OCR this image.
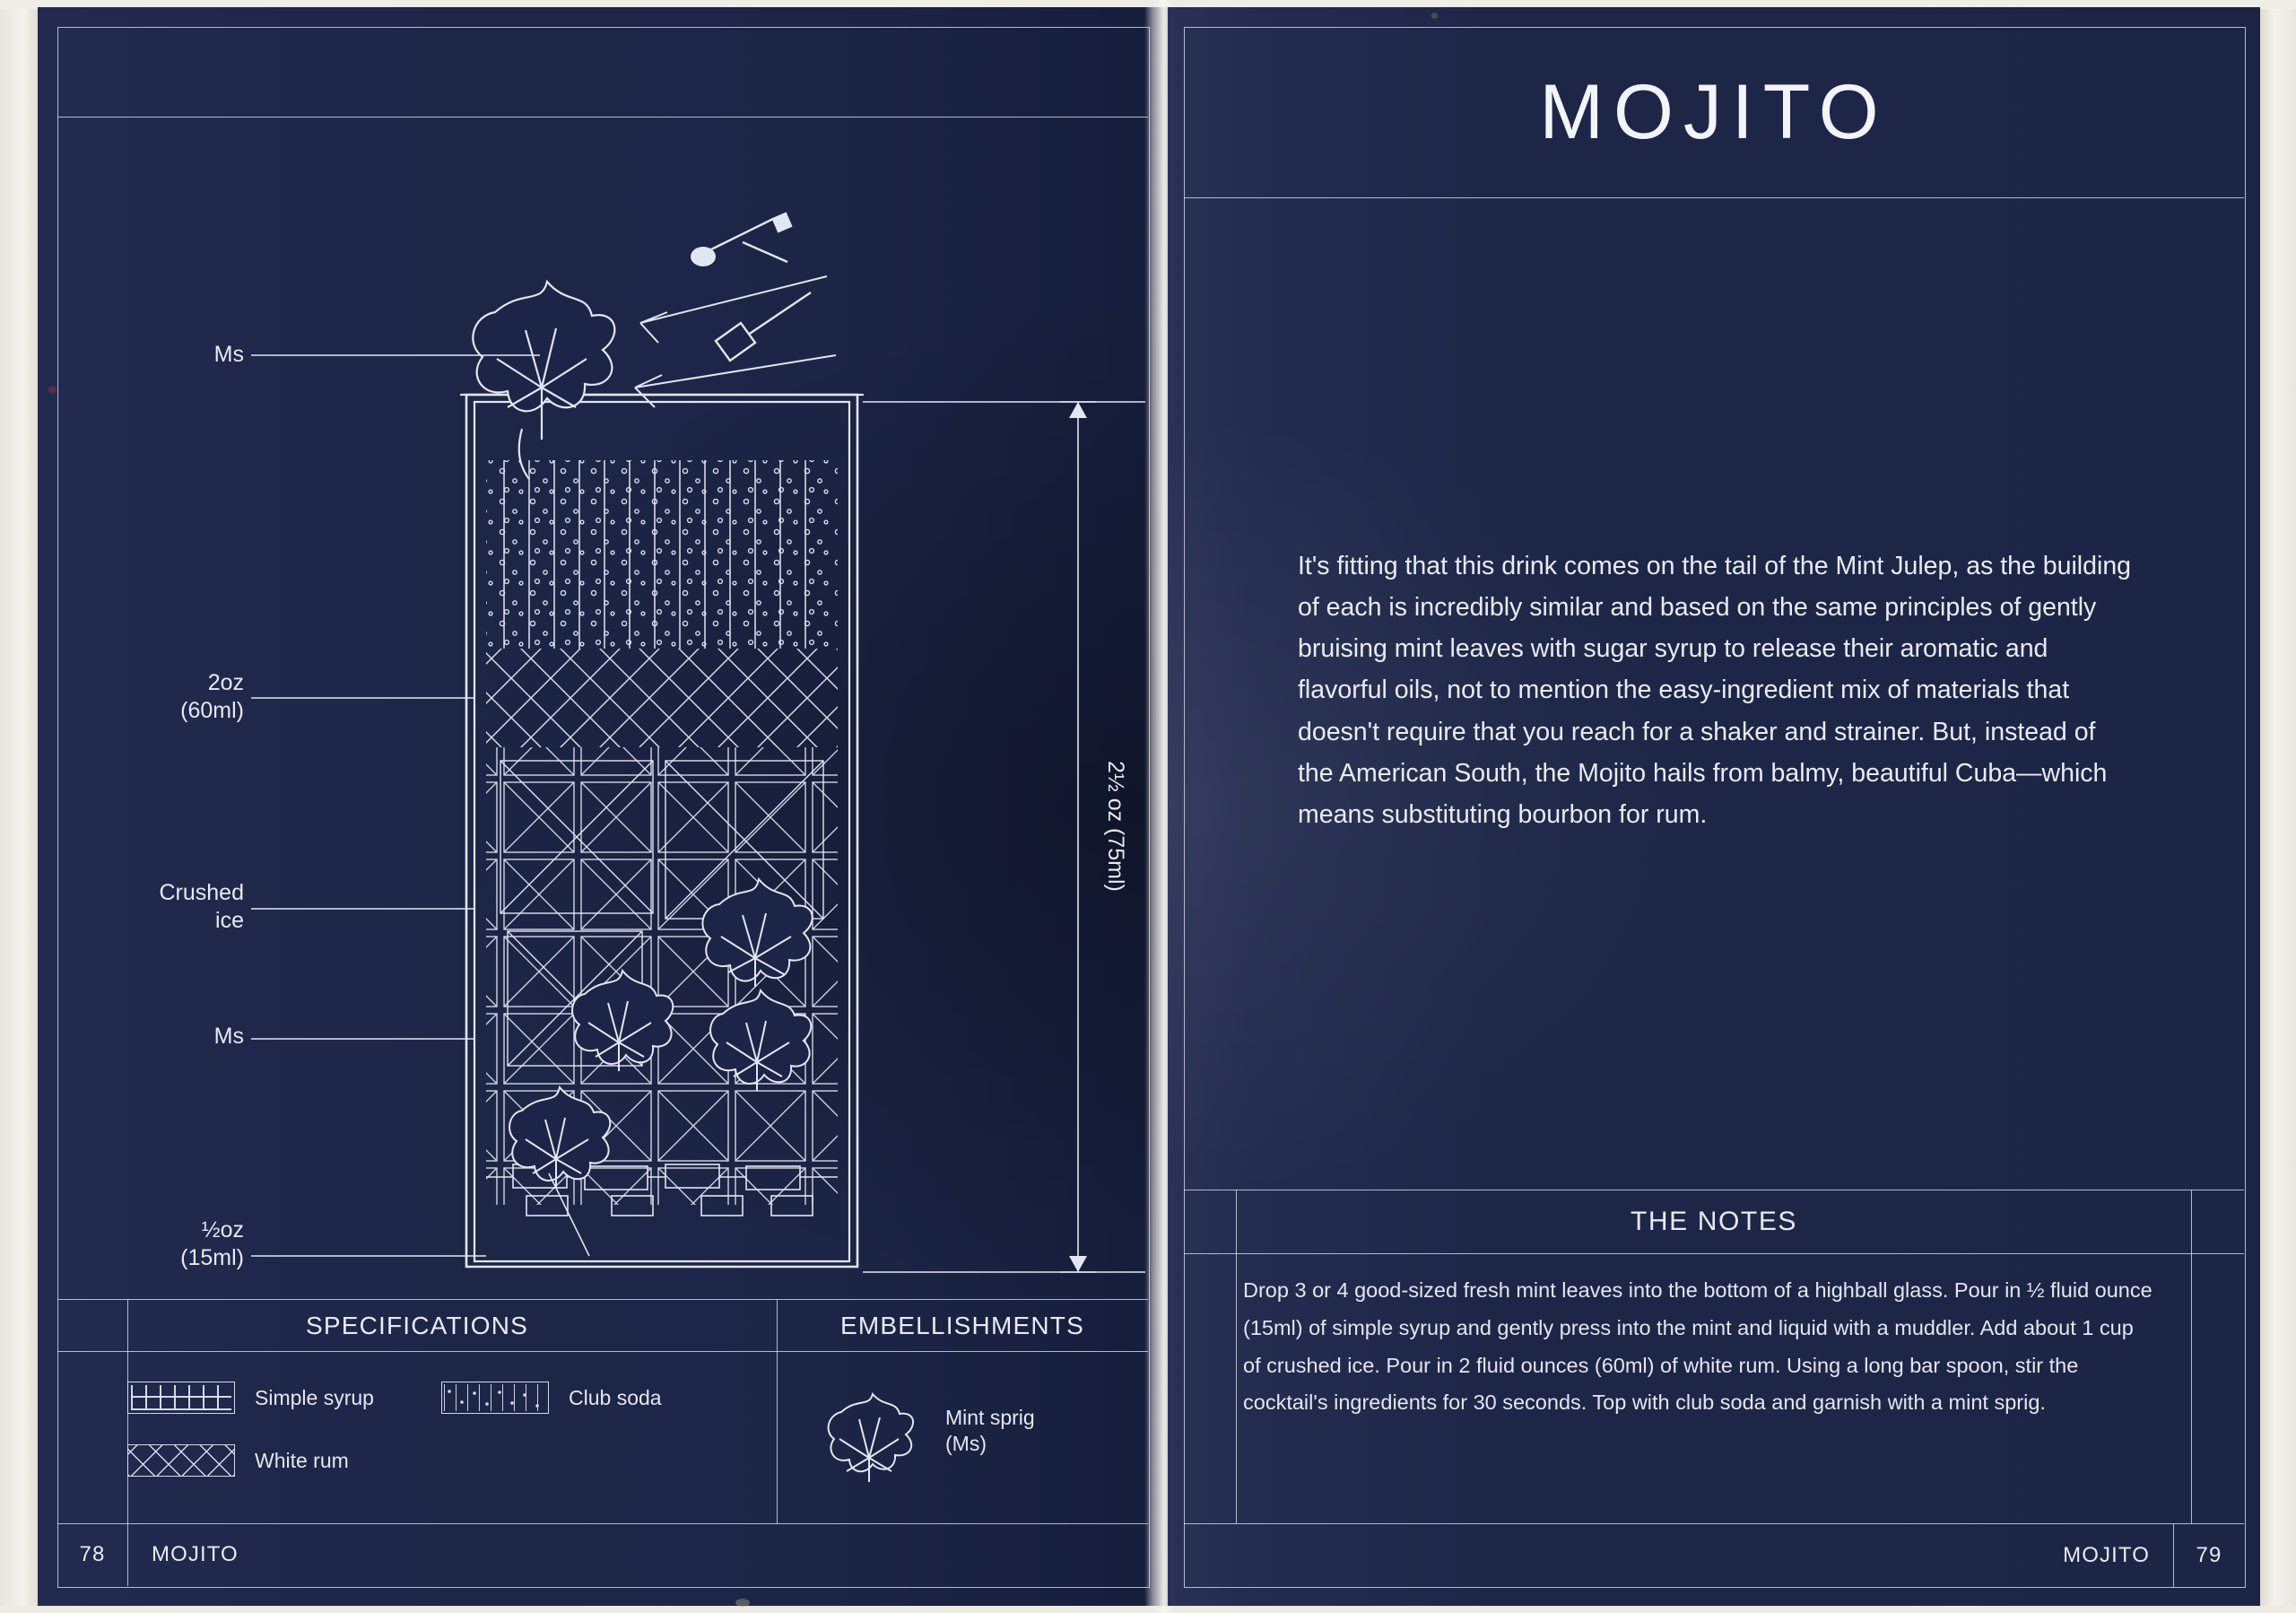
Ms
2oz
(60ml)
Crushed
ice
Ms
½oz
(15ml)
2½ oz (75ml)
SPECIFICATIONS
Simple syrup	Club soda
White rum
EMBELLISHMENTS
Mint sprig
(Ms)
78	MOJITO
MOJITO
It's fitting that this drink comes on the tail of the Mint Julep, as the building of each is incredibly similar and based on the same principles of gently bruising mint leaves with sugar syrup to release their aromatic and flavorful oils, not to mention the easy-ingredient mix of materials that doesn't require that you reach for a shaker and strainer. But, instead of the American South, the Mojito hails from balmy, beautiful Cuba—which means substituting bourbon for rum.
THE NOTES
Drop 3 or 4 good-sized fresh mint leaves into the bottom of a highball glass. Pour in ½ fluid ounce (15ml) of simple syrup and gently press into the mint and liquid with a muddler. Add about 1 cup of crushed ice. Pour in 2 fluid ounces (60ml) of white rum. Using a long bar spoon, stir the cocktail's ingredients for 30 seconds. Top with club soda and garnish with a mint sprig.
MOJITO	79
